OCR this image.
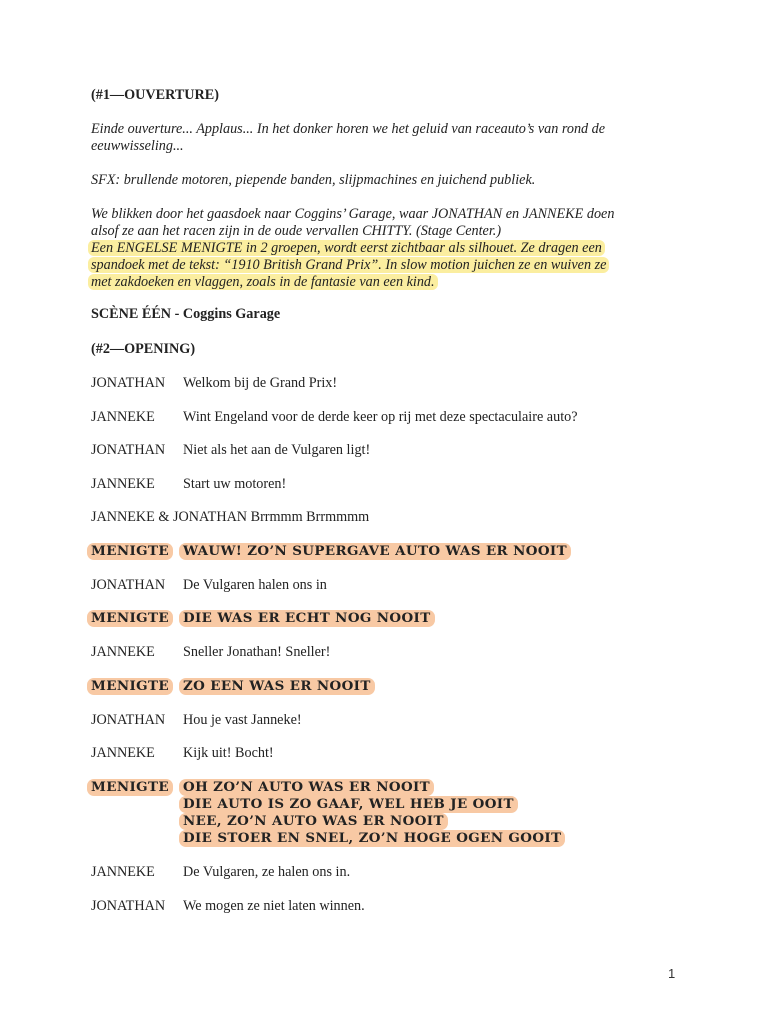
(#1—OUVERTURE)
Einde ouverture... Applaus... In het donker horen we het geluid van raceauto’s van rond de
eeuwwisseling...
SFX: brullende motoren, piepende banden, slijpmachines en juichend publiek.
We blikken door het gaasdoek naar Coggins’ Garage, waar JONATHAN en JANNEKE doen
alsof ze aan het racen zijn in de oude vervallen CHITTY. (Stage Center.)
Een ENGELSE MENIGTE in 2 groepen, wordt eerst zichtbaar als silhouet. Ze dragen een
spandoek met de tekst: “1910 British Grand Prix”. In slow motion juichen ze en wuiven ze
met zakdoeken en vlaggen, zoals in de fantasie van een kind.
SCÈNE ÉÉN - Coggins Garage
(#2—OPENING)
JONATHAN Welkom bij de Grand Prix!
JANNEKE Wint Engeland voor de derde keer op rij met deze spectaculaire auto?
JONATHAN Niet als het aan de Vulgaren ligt!
JANNEKE Start uw motoren!
JANNEKE & JONATHAN Brrmmm Brrmmmm
MENIGTE WAUW! ZO’N SUPERGAVE AUTO WAS ER NOOIT
JONATHAN De Vulgaren halen ons in
MENIGTE DIE WAS ER ECHT NOG NOOIT
JANNEKE Sneller Jonathan! Sneller!
MENIGTE ZO EEN WAS ER NOOIT
JONATHAN Hou je vast Janneke!
JANNEKE Kijk uit! Bocht!
MENIGTE OH ZO’N AUTO WAS ER NOOIT
DIE AUTO IS ZO GAAF, WEL HEB JE OOIT
NEE, ZO’N AUTO WAS ER NOOIT
DIE STOER EN SNEL, ZO’N HOGE OGEN GOOIT
JANNEKE De Vulgaren, ze halen ons in.
JONATHAN We mogen ze niet laten winnen.
1
